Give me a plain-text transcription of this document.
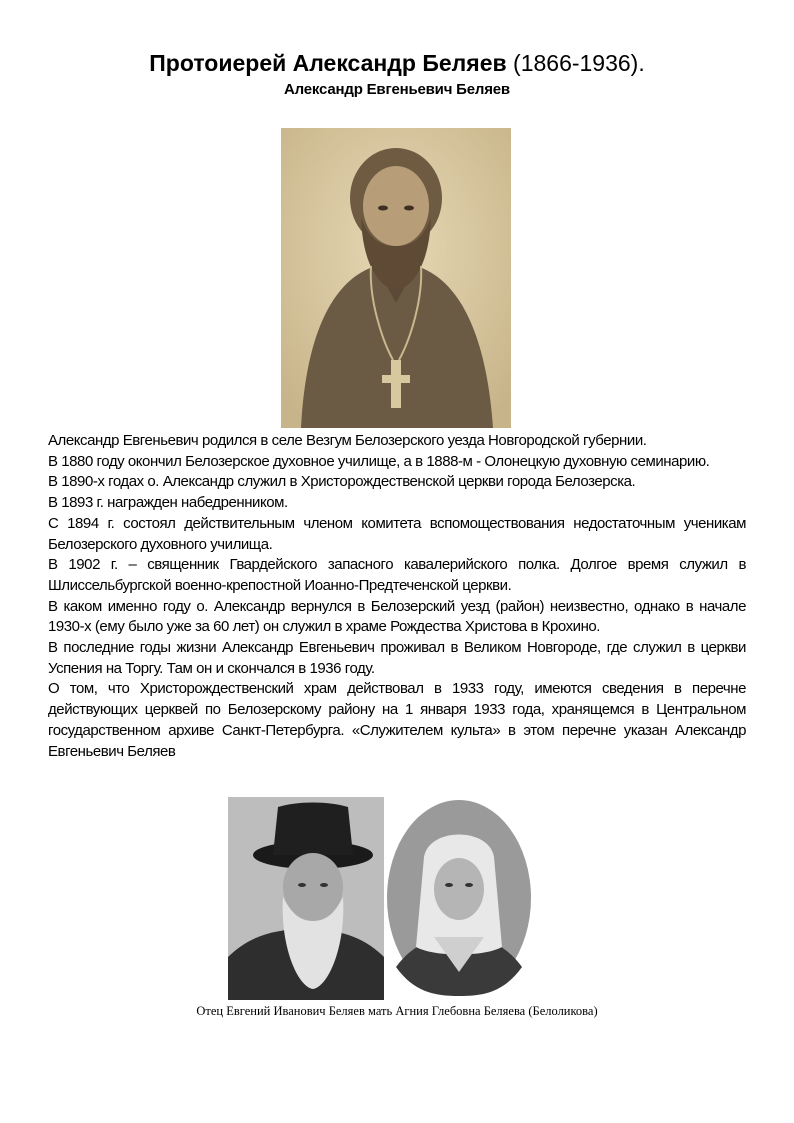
Протоиерей Александр Беляев (1866-1936).
Александр Евгеньевич Беляев

Александр Евгеньевич родился в селе Везгум Белозерского уезда Новгородской губернии.

В 1880 году окончил Белозерское духовное училище, а в 1888-м - Олонецкую духовную семинарию.

В 1890-х годах о. Александр служил в Христорождественской церкви города Белозерска.

В 1893 г. награжден набедренником.

С 1894 г. состоял действительным членом комитета вспомоществования недостаточным ученикам Белозерского духовного училища.

В 1902 г. – священник Гвардейского запасного кавалерийского полка. Долгое время служил в Шлиссельбургской военно-крепостной Иоанно-Предтеченской церкви.

В каком именно году о. Александр вернулся в Белозерский уезд (район) неизвестно, однако в начале 1930-х (ему было уже за 60 лет) он служил в храме Рождества Христова в Крохино.

В последние годы жизни Александр Евгеньевич проживал в Великом Новгороде, где служил в церкви Успения на Торгу. Там он и скончался в 1936 году.

О том, что Христорождественский храм действовал в 1933 году, имеются сведения в перечне действующих церквей по Белозерскому району на 1 января 1933 года, хранящемся в Центральном государственном архиве Санкт-Петербурга. «Служителем культа» в этом перечне указан Александр Евгеньевич Беляев

Отец Евгений Иванович Беляев мать Агния Глебовна Беляева (Белоликова)
